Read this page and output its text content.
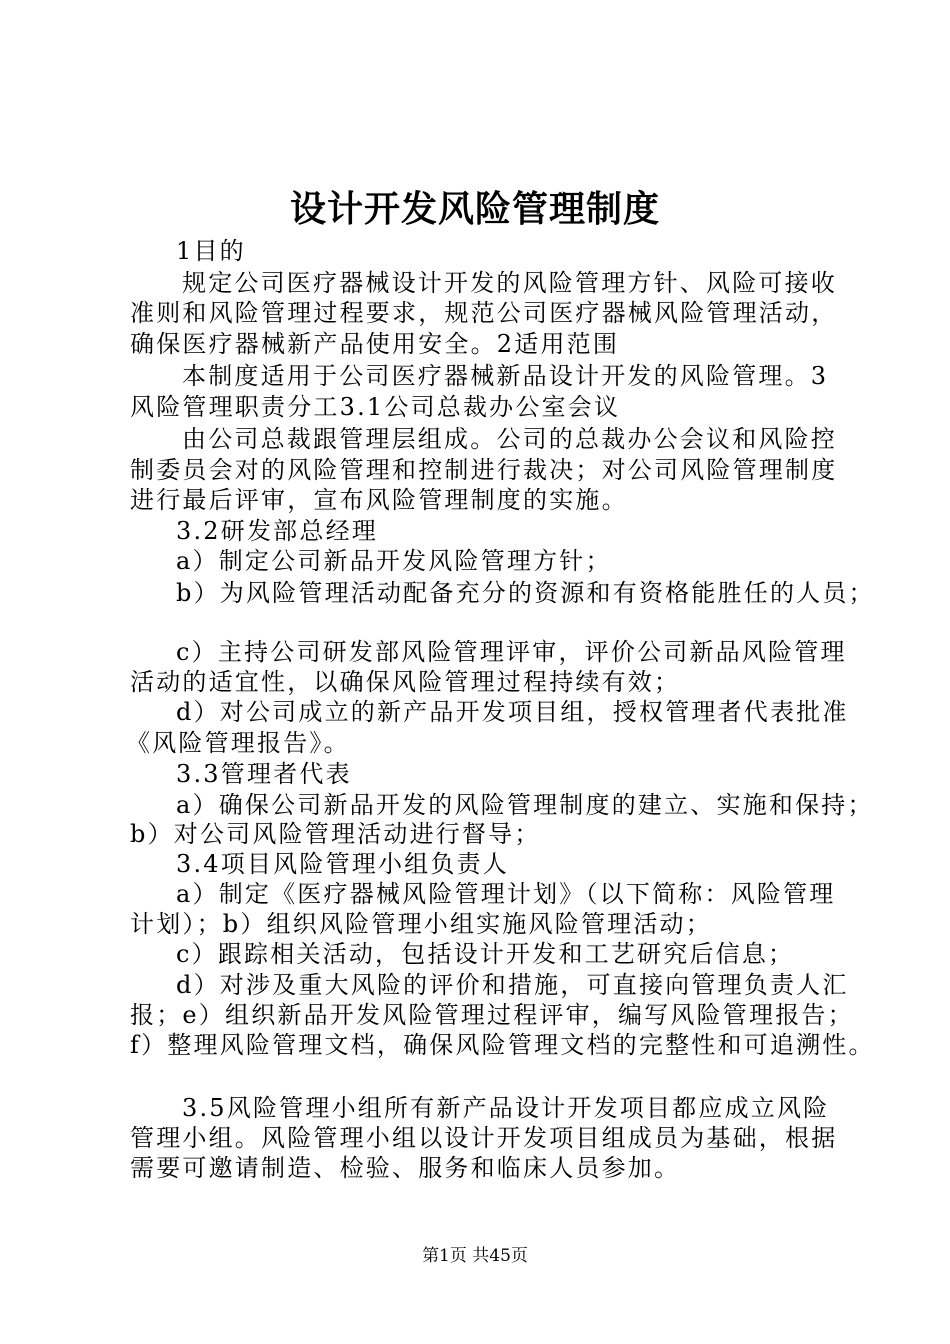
设计开发风险管理制度
1目的
规定公司医疗器械设计开发的风险管理方针、风险可接收
准则和风险管理过程要求，规范公司医疗器械风险管理活动，
确保医疗器械新产品使用安全。2适用范围
本制度适用于公司医疗器械新品设计开发的风险管理。3
风险管理职责分工3.1公司总裁办公室会议
由公司总裁跟管理层组成。公司的总裁办公会议和风险控
制委员会对的风险管理和控制进行裁决；对公司风险管理制度
进行最后评审，宣布风险管理制度的实施。
3.2研发部总经理
a）制定公司新品开发风险管理方针；
b）为风险管理活动配备充分的资源和有资格能胜任的人员；
c）主持公司研发部风险管理评审，评价公司新品风险管理
活动的适宜性，以确保风险管理过程持续有效；
d）对公司成立的新产品开发项目组，授权管理者代表批准
《风险管理报告》。
3.3管理者代表
a）确保公司新品开发的风险管理制度的建立、实施和保持；
b）对公司风险管理活动进行督导；
3.4项目风险管理小组负责人
a）制定《医疗器械风险管理计划》（以下简称：风险管理
计划）；b）组织风险管理小组实施风险管理活动；
c）跟踪相关活动，包括设计开发和工艺研究后信息；
d）对涉及重大风险的评价和措施，可直接向管理负责人汇
报；e）组织新品开发风险管理过程评审，编写风险管理报告；
f）整理风险管理文档，确保风险管理文档的完整性和可追溯性。
3.5风险管理小组所有新产品设计开发项目都应成立风险
管理小组。风险管理小组以设计开发项目组成员为基础，根据
需要可邀请制造、检验、服务和临床人员参加。
第1页 共45页
